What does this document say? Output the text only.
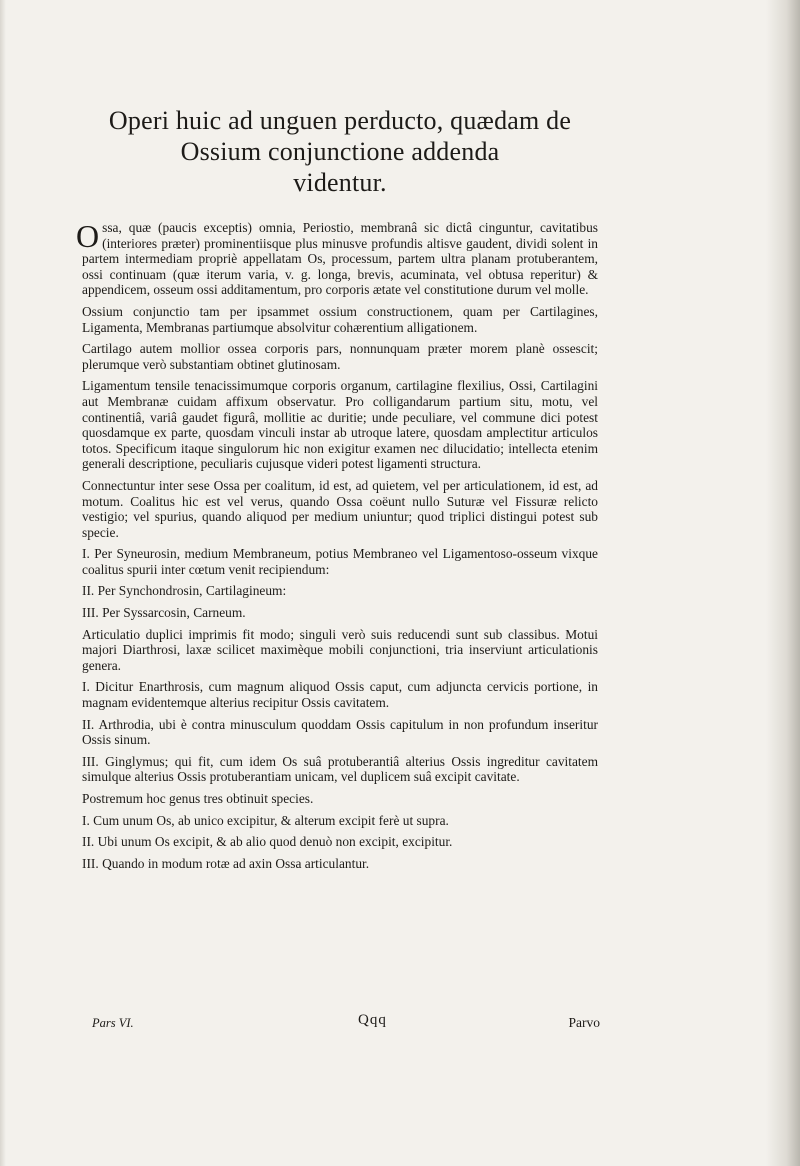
Operi huic ad unguen perducto, quædam de
Ossium conjunctione addenda
videntur.

Ossa, quæ (paucis exceptis) omnia, Periostio, membranâ sic dictâ cinguntur, cavitatibus (interiores præter) prominentiisque plus minusve profundis altisve gaudent, dividi solent in partem intermediam propriè appellatam Os, processum, partem ultra planam protuberantem, ossi continuam (quæ iterum varia, v. g. longa, brevis, acuminata, vel obtusa reperitur) & appendicem, osseum ossi additamentum, pro corporis ætate vel constitutione durum vel molle.

Ossium conjunctio tam per ipsammet ossium constructionem, quam per Cartilagines, Ligamenta, Membranas partiumque absolvitur cohærentium alligationem.

Cartilago autem mollior ossea corporis pars, nonnunquam præter morem planè ossescit; plerumque verò substantiam obtinet glutinosam.

Ligamentum tensile tenacissimumque corporis organum, cartilagine flexilius, Ossi, Cartilagini aut Membranæ cuidam affixum observatur. Pro colligandarum partium situ, motu, vel continentiâ, variâ gaudet figurâ, mollitie ac duritie; unde peculiare, vel commune dici potest quosdamque ex parte, quosdam vinculi instar ab utroque latere, quosdam amplectitur articulos totos. Specificum itaque singulorum hic non exigitur examen nec dilucidatio; intellecta etenim generali descriptione, peculiaris cujusque videri potest ligamenti structura.

Connectuntur inter sese Ossa per coalitum, id est, ad quietem, vel per articulationem, id est, ad motum. Coalitus hic est vel verus, quando Ossa coëunt nullo Suturæ vel Fissuræ relicto vestigio; vel spurius, quando aliquod per medium uniuntur; quod triplici distingui potest sub specie.

I. Per Syneurosin, medium Membraneum, potius Membraneo vel Ligamentoso-osseum vixque coalitus spurii inter cœtum venit recipiendum:

II. Per Synchondrosin, Cartilagineum:

III. Per Syssarcosin, Carneum.

Articulatio duplici imprimis fit modo; singuli verò suis reducendi sunt sub classibus. Motui majori Diarthrosi, laxæ scilicet maximèque mobili conjunctioni, tria inserviunt articulationis genera.

I. Dicitur Enarthrosis, cum magnum aliquod Ossis caput, cum adjuncta cervicis portione, in magnam evidentemque alterius recipitur Ossis cavitatem.

II. Arthrodia, ubi è contra minusculum quoddam Ossis capitulum in non profundum inseritur Ossis sinum.

III. Ginglymus; qui fit, cum idem Os suâ protuberantiâ alterius Ossis ingreditur cavitatem simulque alterius Ossis protuberantiam unicam, vel duplicem suâ excipit cavitate.

Postremum hoc genus tres obtinuit species.

I. Cum unum Os, ab unico excipitur, & alterum excipit ferè ut supra.

II. Ubi unum Os excipit, & ab alio quod denuò non excipit, excipitur.

III. Quando in modum rotæ ad axin Ossa articulantur.

Pars VI.	Qqq	Parvo
